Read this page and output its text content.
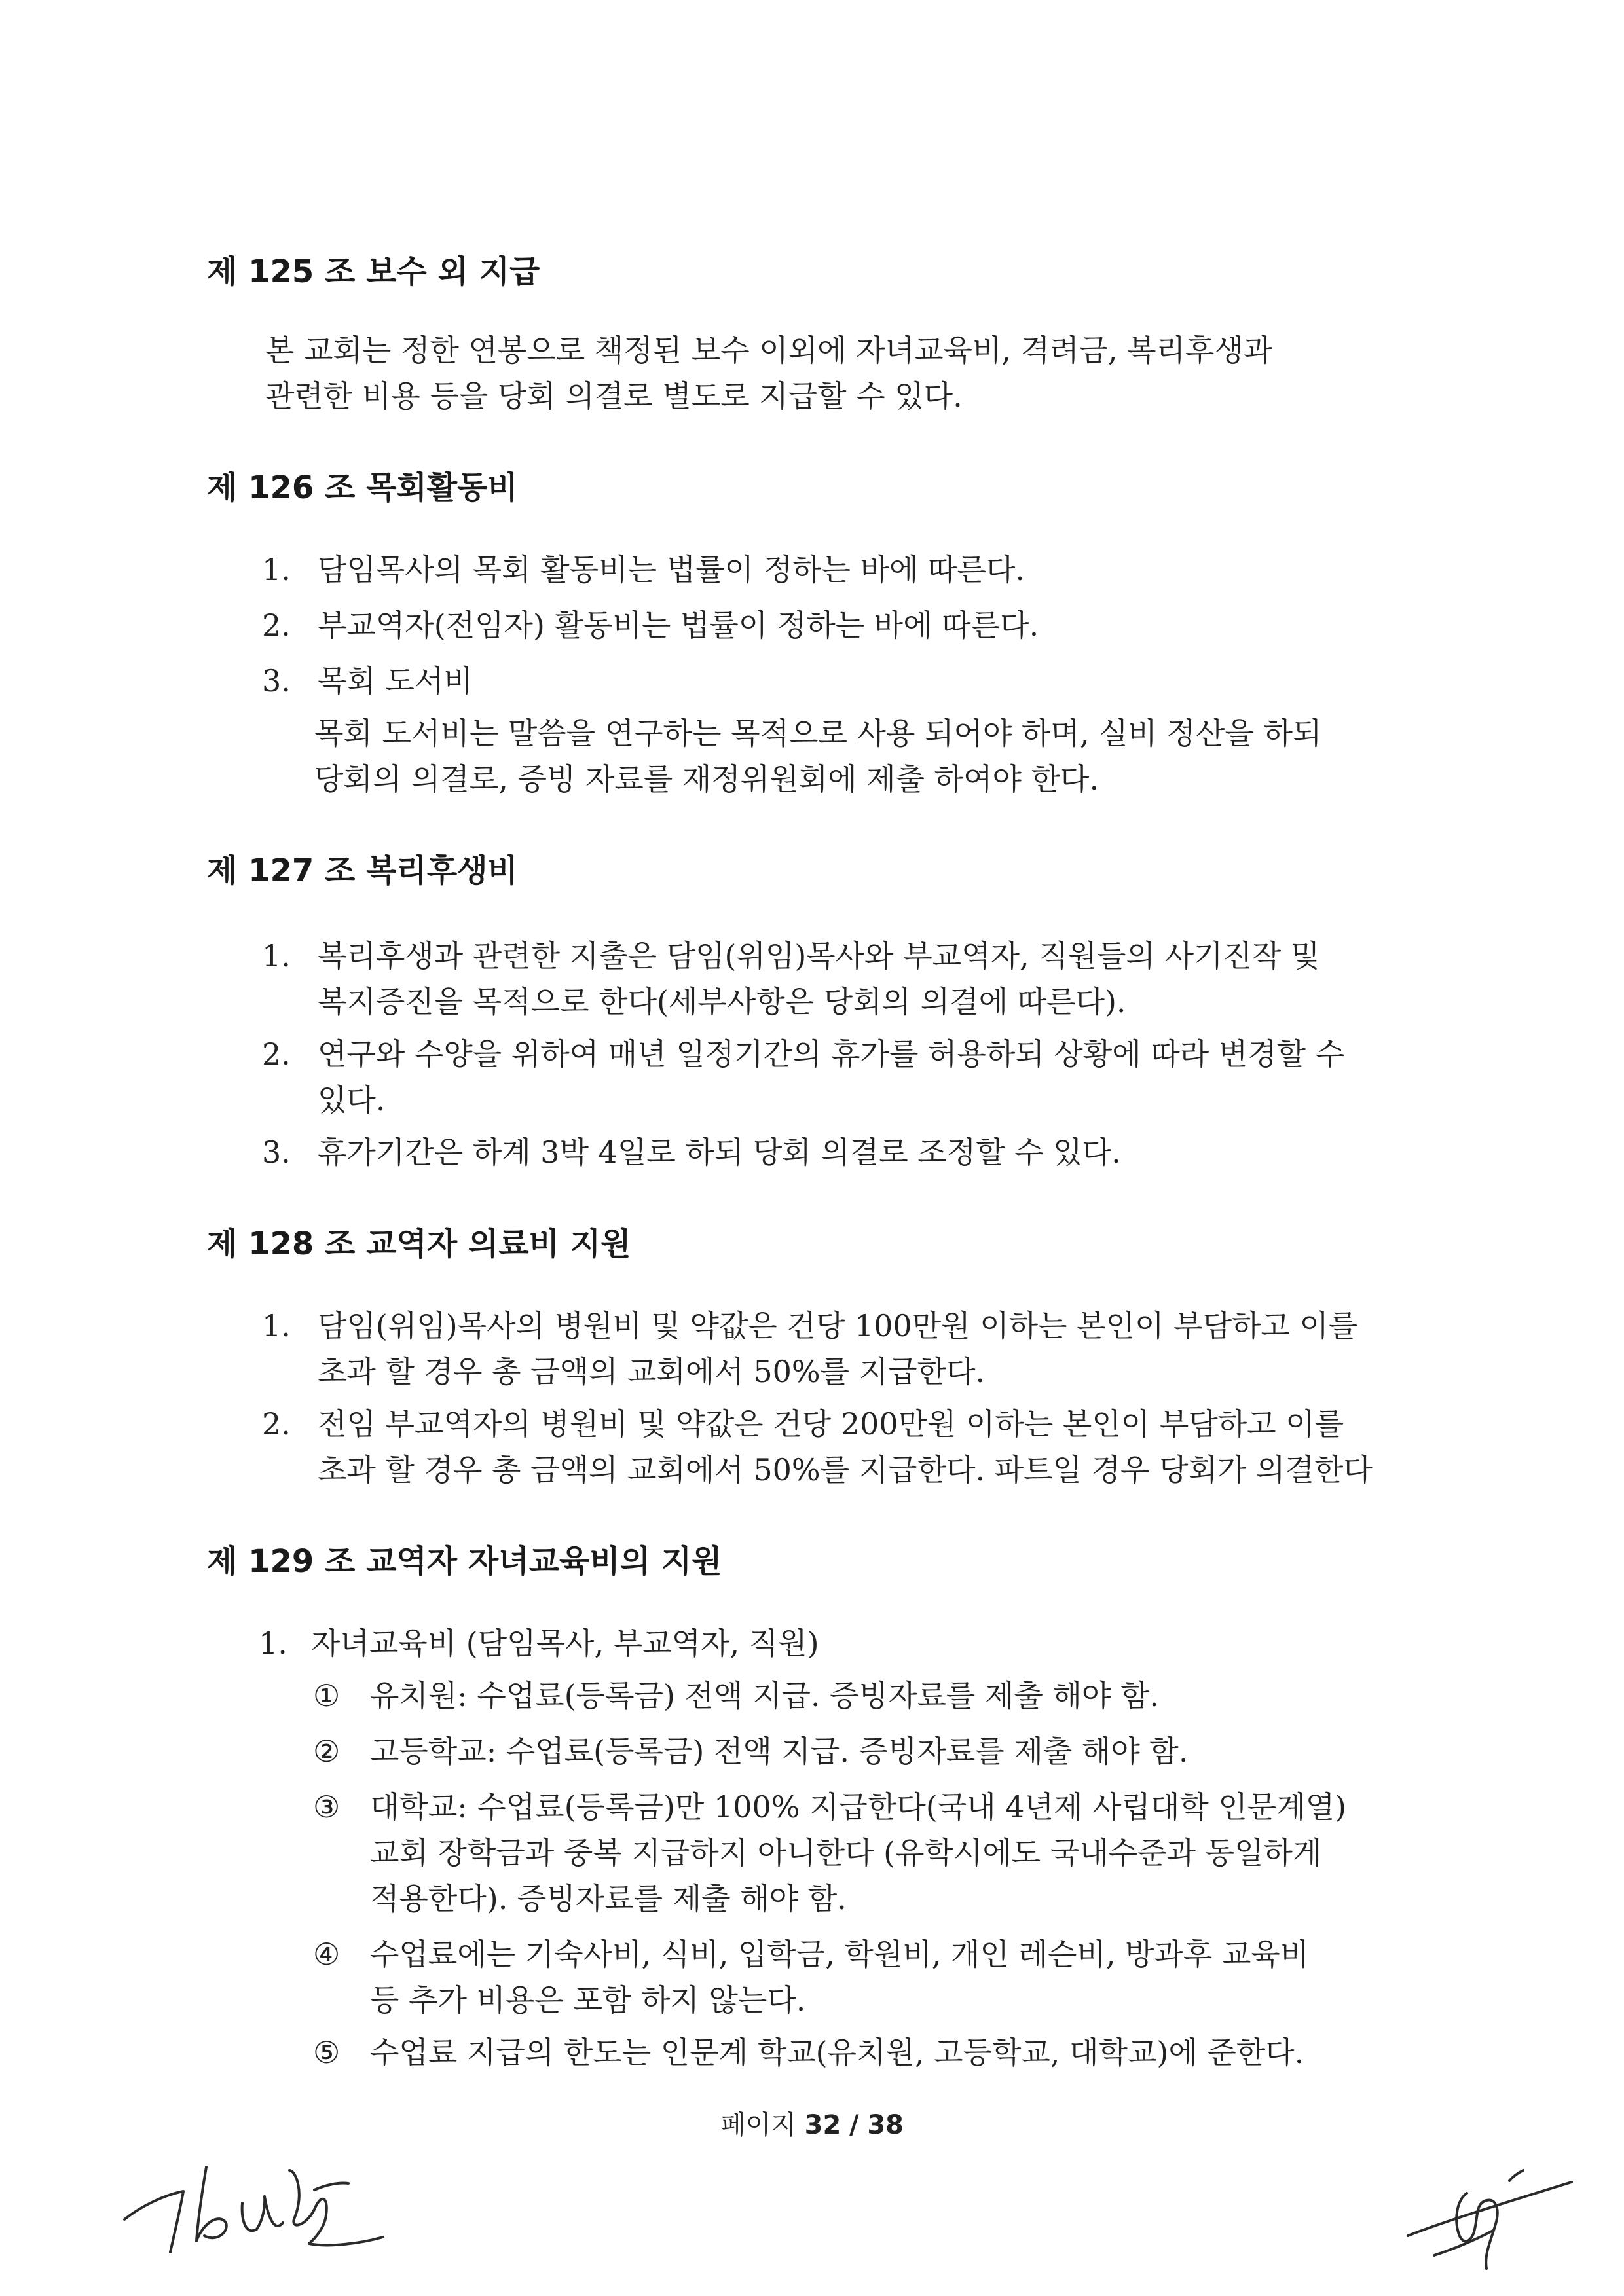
제 125 조 보수 외 지급
본 교회는 정한 연봉으로 책정된 보수 이외에 자녀교육비, 격려금, 복리후생과
관련한 비용 등을 당회 의결로 별도로 지급할 수 있다.
제 126 조 목회활동비
1. 담임목사의 목회 활동비는 법률이 정하는 바에 따른다.
2. 부교역자(전임자) 활동비는 법률이 정하는 바에 따른다.
3. 목회 도서비
목회 도서비는 말씀을 연구하는 목적으로 사용 되어야 하며, 실비 정산을 하되
당회의 의결로, 증빙 자료를 재정위원회에 제출 하여야 한다.
제 127 조 복리후생비
1. 복리후생과 관련한 지출은 담임(위임)목사와 부교역자, 직원들의 사기진작 및
복지증진을 목적으로 한다(세부사항은 당회의 의결에 따른다).
2. 연구와 수양을 위하여 매년 일정기간의 휴가를 허용하되 상황에 따라 변경할 수
있다.
3. 휴가기간은 하계 3박 4일로 하되 당회 의결로 조정할 수 있다.
제 128 조 교역자 의료비 지원
1. 담임(위임)목사의 병원비 및 약값은 건당 100만원 이하는 본인이 부담하고 이를
초과 할 경우 총 금액의 교회에서 50%를 지급한다.
2. 전임 부교역자의 병원비 및 약값은 건당 200만원 이하는 본인이 부담하고 이를
초과 할 경우 총 금액의 교회에서 50%를 지급한다. 파트일 경우 당회가 의결한다
제 129 조 교역자 자녀교육비의 지원
1. 자녀교육비 (담임목사, 부교역자, 직원)
① 유치원: 수업료(등록금) 전액 지급. 증빙자료를 제출 해야 함.
② 고등학교: 수업료(등록금) 전액 지급. 증빙자료를 제출 해야 함.
③ 대학교: 수업료(등록금)만 100% 지급한다(국내 4년제 사립대학 인문계열)
교회 장학금과 중복 지급하지 아니한다 (유학시에도 국내수준과 동일하게
적용한다). 증빙자료를 제출 해야 함.
④ 수업료에는 기숙사비, 식비, 입학금, 학원비, 개인 레슨비, 방과후 교육비
등 추가 비용은 포함 하지 않는다.
⑤ 수업료 지급의 한도는 인문계 학교(유치원, 고등학교, 대학교)에 준한다.
페이지 32 / 38
